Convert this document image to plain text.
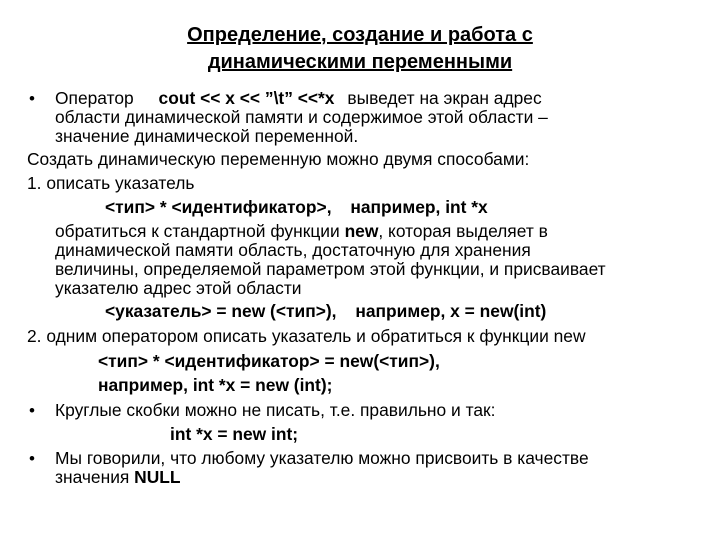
Определение, создание и работа с
динамическими переменными
• Оператор cout << x << ”\t” <<*x выведет на экран адрес
области динамической памяти и содержимое этой области –
значение динамической переменной.
Создать динамическую переменную можно двумя способами:
1. описать указатель
<тип> * <идентификатор>, например, int *x
обратиться к стандартной функции new, которая выделяет в
динамической памяти область, достаточную для хранения
величины, определяемой параметром этой функции, и присваивает
указателю адрес этой области
<указатель> = new (<тип>), например, x = new(int)
2. одним оператором описать указатель и обратиться к функции new
<тип> * <идентификатор> = new(<тип>),
например, int *x = new (int);
• Круглые скобки можно не писать, т.е. правильно и так:
int *x = new int;
• Мы говорили, что любому указателю можно присвоить в качестве
значения NULL
